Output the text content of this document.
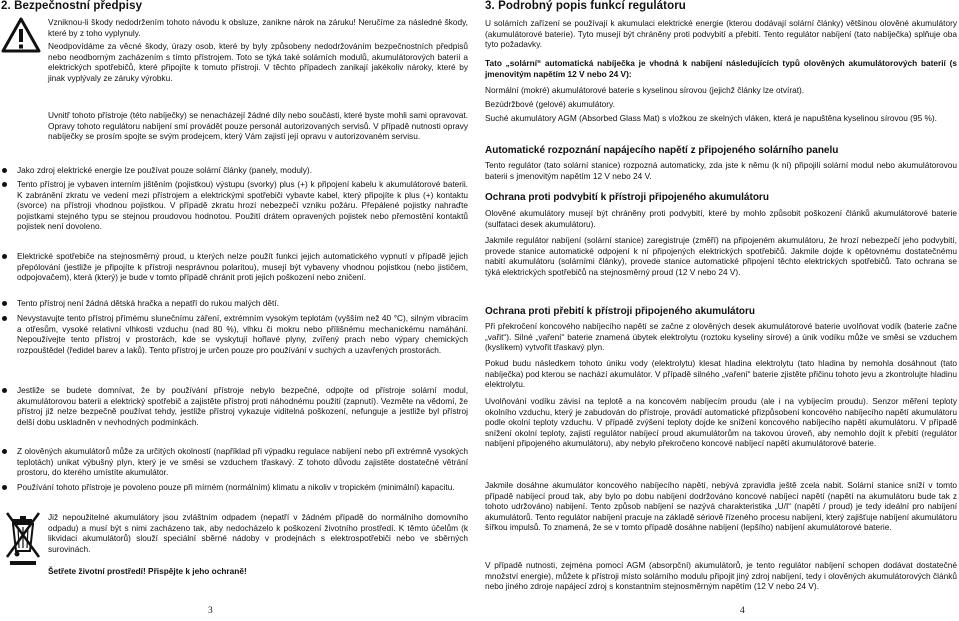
2. Bezpečnostní předpisy

Vzniknou-li škody nedodržením tohoto návodu k obsluze, zanikne nárok na záruku! Neručíme za následné škody, které by z toho vyplynuly.

Neodpovídáme za věcné škody, úrazy osob, které by byly způsobeny nedodržováním bezpečnostních předpisů nebo neodborným zacházením s tímto přístrojem. Toto se týká také solárních modulů, akumulátorových baterií a elektrických spotřebičů, které připojíte k tomuto přístroji. V těchto případech zanikají jakékoliv nároky, které by jinak vyplývaly ze záruky výrobku.

Uvnitř tohoto přístroje (této nabíječky) se nenacházejí žádné díly nebo součásti, které byste mohli sami opravovat. Opravy tohoto regulátoru nabíjení smí provádět pouze personál autorizovaných servisů. V případě nutnosti opravy nabíječky se prosím spojte se svým prodejcem, který Vám zajistí její opravu v autorizovaném servisu.

Jako zdroj elektrické energie lze používat pouze solární články (panely, moduly).

Tento přístroj je vybaven interním jištěním (pojistkou) výstupu (svorky) plus (+) k připojení kabelu k akumulátorové baterii. K zabránění zkratu ve vedení mezi přístrojem a elektrickými spotřebiči vybavte kabel, který připojíte k plus (+) kontaktu (svorce) na přístroji vhodnou pojistkou. V případě zkratu hrozí nebezpečí vzniku požáru. Přepálené pojistky nahraďte pojistkami stejného typu se stejnou proudovou hodnotou. Použití drátem opravených pojistek nebo přemostění kontaktů pojistek není dovoleno.

Elektrické spotřebiče na stejnosměrný proud, u kterých nelze použít funkci jejich automatického vypnutí v případě jejich přepólování (jestliže je připojíte k přístroji nesprávnou polaritou), musejí být vybaveny vhodnou pojistkou (nebo jističem, odpojovačem), která (který) je bude v tomto případě chránit proti jejich poškození nebo zničení.

Tento přístroj není žádná dětská hračka a nepatří do rukou malých dětí.

Nevystavujte tento přístroj přímému slunečnímu záření, extrémním vysokým teplotám (vyšším než 40 °C), silným vibracím a otřesům, vysoké relativní vlhkosti vzduchu (nad 80 %), vlhku či mokru nebo přílišnému mechanickému namáhání. Nepoužívejte tento přístroj v prostorách, kde se vyskytují hořlavé plyny, zvířený prach nebo výpary chemických rozpouštědel (ředidel barev a laků). Tento přístroj je určen pouze pro používání v suchých a uzavřených prostorách.

Jestliže se budete domnívat, že by používání přístroje nebylo bezpečné, odpojte od přístroje solární modul, akumulátorovou baterii a elektrický spotřebič a zajistěte přístroj proti náhodnému použití (zapnutí). Vezměte na vědomí, že přístroj již nelze bezpečně používat tehdy, jestliže přístroj vykazuje viditelná poškození, nefunguje a jestliže byl přístroj delší dobu uskladněn v nevhodných podmínkách.

Z olověných akumulátorů může za určitých okolností (například při výpadku regulace nabíjení nebo při extrémně vysokých teplotách) unikat výbušný plyn, který je ve směsi se vzduchem třaskavý. Z tohoto důvodu zajistěte dostatečné větrání prostoru, do kterého umístíte akumulátor.

Používání tohoto přístroje je povoleno pouze při mírném (normálním) klimatu a nikoliv v tropickém (minimální) kapacitu.

Již nepoužitelné akumulátory jsou zvláštním odpadem (nepatří v žádném případě do normálního domovního odpadu) a musí být s nimi zacházeno tak, aby nedocházelo k poškození životního prostředí. K těmto účelům (k likvidaci akumulátorů) slouží speciální sběrné nádoby v prodejnách s elektrospotřebiči nebo ve sběrných surovinách.

Šetřete životní prostředí! Přispějte k jeho ochraně!

3
3. Podrobný popis funkcí regulátoru

U solárních zařízení se používají k akumulaci elektrické energie (kterou dodávají solární články) většinou olověné akumulátory (akumulátorové baterie). Tyto musejí být chráněny proti podvybití a přebití. Tento regulátor nabíjení (tato nabíječka) splňuje oba tyto požadavky.

Tato „solární“ automatická nabíječka je vhodná k nabíjení následujících typů olověných akumulátorových baterií (s jmenovitým napětím 12 V nebo 24 V):

Normální (mokré) akumulátorové baterie s kyselinou sírovou (jejichž články lze otvírat).

Bezúdržbové (gelové) akumulátory.

Suché akumulátory AGM (Absorbed Glass Mat) s vložkou ze skelných vláken, která je napuštěna kyselinou sírovou (95 %).

Automatické rozpoznání napájecího napětí z připojeného solárního panelu

Tento regulátor (tato solární stanice) rozpozná automaticky, zda jste k němu (k ní) připojili solární modul nebo akumulátorovou baterii s jmenovitým napětím 12 V nebo 24 V.

Ochrana proti podvybití k přístroji připojeného akumulátoru

Olověné akumulátory musejí být chráněny proti podvybití, které by mohlo způsobit poškození článků akumulátorové baterie (sulfataci desek akumulátoru).

Jakmile regulátor nabíjení (solární stanice) zaregistruje (změří) na připojeném akumulátoru, že hrozí nebezpečí jeho podvybití, provede stanice automatické odpojení k ní připojených elektrických spotřebičů. Jakmile dojde k opětovnému dostatečnému nabití akumulátoru (solárními články), provede stanice automatické připojení těchto elektrických spotřebičů. Tato ochrana se týká elektrických spotřebičů na stejnosměrný proud (12 V nebo 24 V).

Ochrana proti přebití k přístroji připojeného akumulátoru

Při překročení koncového nabíjecího napětí se začne z olověných desek akumulátorové baterie uvolňovat vodík (baterie začne „vařit“). Silné „vaření“ baterie znamená úbytek elektrolytu (roztoku kyseliny sírové) a únik vodíku může ve směsi se vzduchem (kyslíkem) vytvořit třaskavý plyn.

Pokud budu následkem tohoto úniku vody (elektrolytu) klesat hladina elektrolytu (tato hladina by nemohla dosáhnout (tato nabíječka) pod kterou se nachází akumulátor. V případě silného „vaření“ baterie zjistěte přičinu tohoto jevu a zkontrolujte hladinu elektrolytu.

Uvolňování vodíku závisí na teplotě a na koncovém nabíjecím proudu (ale i na vybíjecím proudu). Senzor měření teploty okolního vzduchu, který je zabudován do přístroje, provádí automatické přizpůsobení koncového nabíjecího napětí akumulátoru podle okolní teploty vzduchu. V případě zvýšení teploty dojde ke snížení koncového nabíjecího napětí akumulátoru. V případě snížení okolní teploty, zajistí regulátor nabíjecí proud akumulátorům na takovou úroveň, aby nemohlo dojít k přebití (regulátor nabíjení připojeného akumulátoru), aby nebylo překročeno koncové nabíjecí napětí akumulátorové baterie.

Jakmile dosáhne akumulátor koncového nabíjecího napětí, nebývá zpravidla ještě zcela nabit. Solární stanice sníží v tomto případě nabíjecí proud tak, aby bylo po dobu nabíjení dodržováno koncové nabíjecí napětí (napětí na akumulátoru bude tak z tohoto udržováno) nabijení. Tento způsob nabíjení se nazývá charakteristika „U/I“ (napětí / proud) je tedy ideální pro nabíjení akumulátorů. Tento regulátor nabíjení pracuje na základě sériově řízeného procesu nabíjení, který zajišťuje nabíjení akumulátoru šířkou impulsů. To znamená, že se v tomto případě dosáhne nabíjení (lepšího) nabíjení akumulátorové baterie.

V případě nutnosti, zejména pomocí AGM (absorpční) akumulátorů, je tento regulátor nabíjení schopen dodávat dostatečné množství energie), můžete k přístroji místo solárního modulu připojit jiný zdroj nabíjení, tedy i olověných akumulátorových článků nebo jiného zdroje napájecí zdroj s konstantním stejnosměrným napětím (12 V nebo 24 V).

4
